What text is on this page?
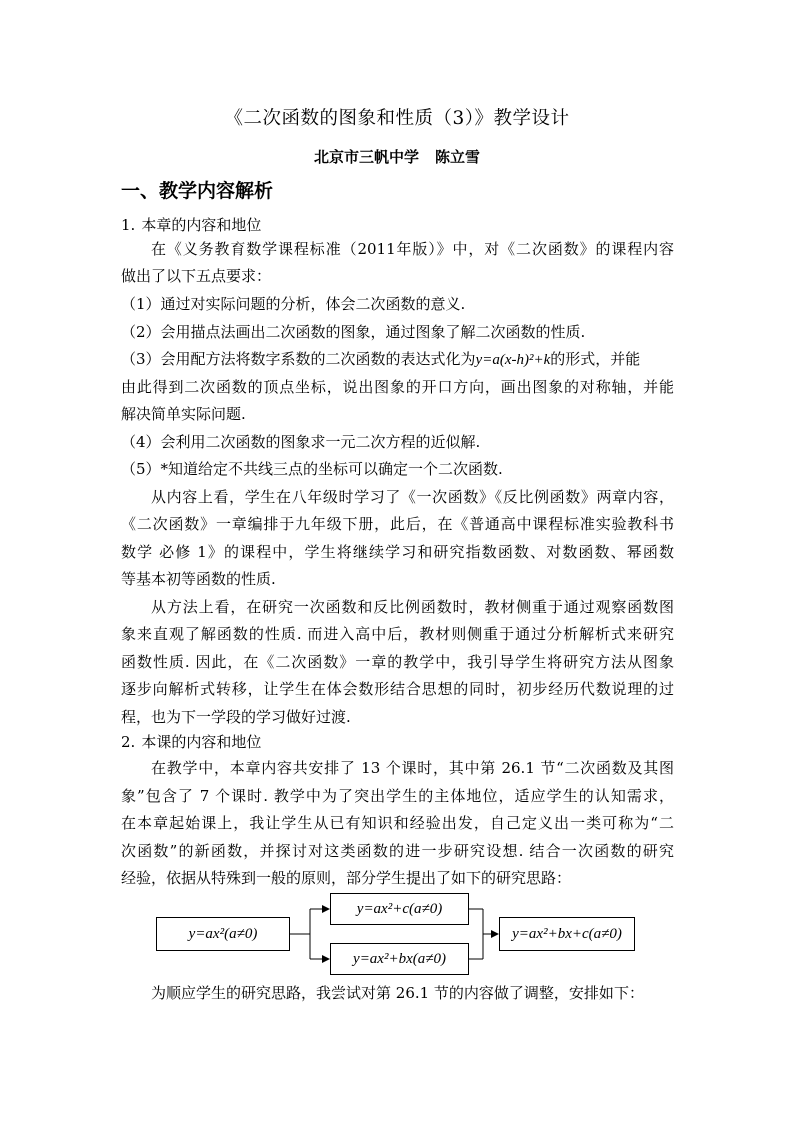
《二次函数的图象和性质（3）》教学设计
北京市三帆中学 陈立雪
一、教学内容解析
1. 本章的内容和地位
在《义务教育数学课程标准（2011年版）》中，对《二次函数》的课程内容
做出了以下五点要求：
（1）通过对实际问题的分析，体会二次函数的意义.
（2）会用描点法画出二次函数的图象，通过图象了解二次函数的性质.
（3）会用配方法将数字系数的二次函数的表达式化为y=a(x-h)²+k的形式，并能
由此得到二次函数的顶点坐标，说出图象的开口方向，画出图象的对称轴，并能
解决简单实际问题.
（4）会利用二次函数的图象求一元二次方程的近似解.
（5）*知道给定不共线三点的坐标可以确定一个二次函数.
从内容上看，学生在八年级时学习了《一次函数》《反比例函数》两章内容，
《二次函数》一章编排于九年级下册，此后，在《普通高中课程标准实验教科书
数学 必修 1》的课程中，学生将继续学习和研究指数函数、对数函数、幂函数
等基本初等函数的性质.
从方法上看，在研究一次函数和反比例函数时，教材侧重于通过观察函数图
象来直观了解函数的性质. 而进入高中后，教材则侧重于通过分析解析式来研究
函数性质. 因此，在《二次函数》一章的教学中，我引导学生将研究方法从图象
逐步向解析式转移，让学生在体会数形结合思想的同时，初步经历代数说理的过
程，也为下一学段的学习做好过渡.
2. 本课的内容和地位
在教学中，本章内容共安排了 13 个课时，其中第 26.1 节“二次函数及其图
象”包含了 7 个课时. 教学中为了突出学生的主体地位，适应学生的认知需求，
在本章起始课上，我让学生从已有知识和经验出发，自己定义出一类可称为“二
次函数”的新函数，并探讨对这类函数的进一步研究设想. 结合一次函数的研究
经验，依据从特殊到一般的原则，部分学生提出了如下的研究思路：
y=ax²(a≠0)
y=ax²+c(a≠0)
y=ax²+bx(a≠0)
y=ax²+bx+c(a≠0)
为顺应学生的研究思路，我尝试对第 26.1 节的内容做了调整，安排如下：
